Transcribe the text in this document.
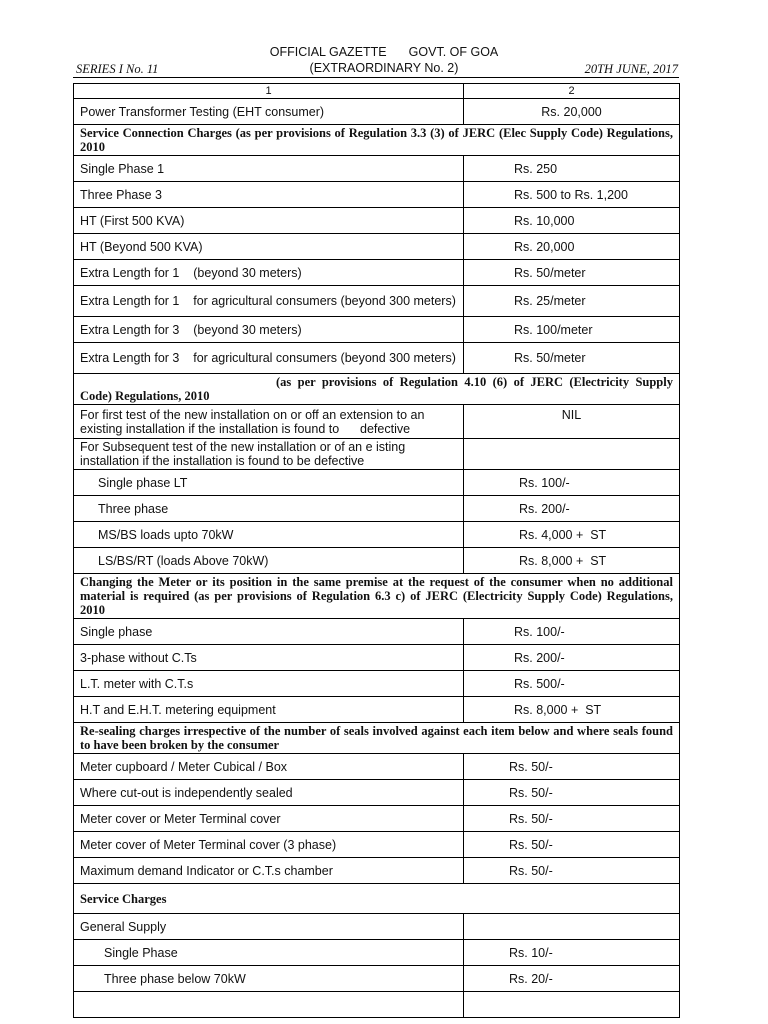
OFFICIAL GAZETTE GOVT. OF GOA
(EXTRAORDINARY No. 2)
SERIES I No. 11	20TH JUNE, 2017
1	2
Power Transformer Testing (EHT consumer)	Rs. 20,000
Service Connection Charges (as per provisions of Regulation 3.3 (3) of JERC (Elec Supply Code) Regulations, 2010	
Single Phase 1	Rs. 250
Three Phase 3	Rs. 500 to Rs. 1,200
HT (First 500 KVA)	Rs. 10,000
HT (Beyond 500 KVA)	Rs. 20,000
Extra Length for 1    (beyond 30 meters)	Rs. 50/meter
Extra Length for 1    for agricultural consumers (beyond 300 meters)	Rs. 25/meter
Extra Length for 3    (beyond 30 meters)	Rs. 100/meter
Extra Length for 3    for agricultural consumers (beyond 300 meters)	Rs. 50/meter
(as per provisions of Regulation 4.10 (6) of JERC (Electricity Supply Code) Regulations, 2010	
For first test of the new installation on or off an extension to an existing installation if the installation is found to      defective	NIL
For Subsequent test of the new installation or of an e isting installation if the installation is found to be defective	
Single phase LT	Rs. 100/-
Three phase	Rs. 200/-
MS/BS loads upto 70kW	Rs. 4,000 +  ST
LS/BS/RT (loads Above 70kW)	Rs. 8,000 +  ST
Changing the Meter or its position in the same premise at the request of the consumer when no additional material is required (as per provisions of Regulation 6.3 c) of JERC (Electricity Supply Code) Regulations, 2010	
Single phase	Rs. 100/-
3-phase without C.Ts	Rs. 200/-
L.T. meter with C.T.s	Rs. 500/-
H.T and E.H.T. metering equipment	Rs. 8,000 +  ST
Re-sealing charges irrespective of the number of seals involved against each item below and where seals found to have been broken by the consumer	
Meter cupboard / Meter Cubical / Box	Rs. 50/-
Where cut-out is independently sealed	Rs. 50/-
Meter cover or Meter Terminal cover	Rs. 50/-
Meter cover of Meter Terminal cover (3 phase)	Rs. 50/-
Maximum demand Indicator or C.T.s chamber	Rs. 50/-
Service Charges	
General Supply	
Single Phase	Rs. 10/-
Three phase below 70kW	Rs. 20/-
